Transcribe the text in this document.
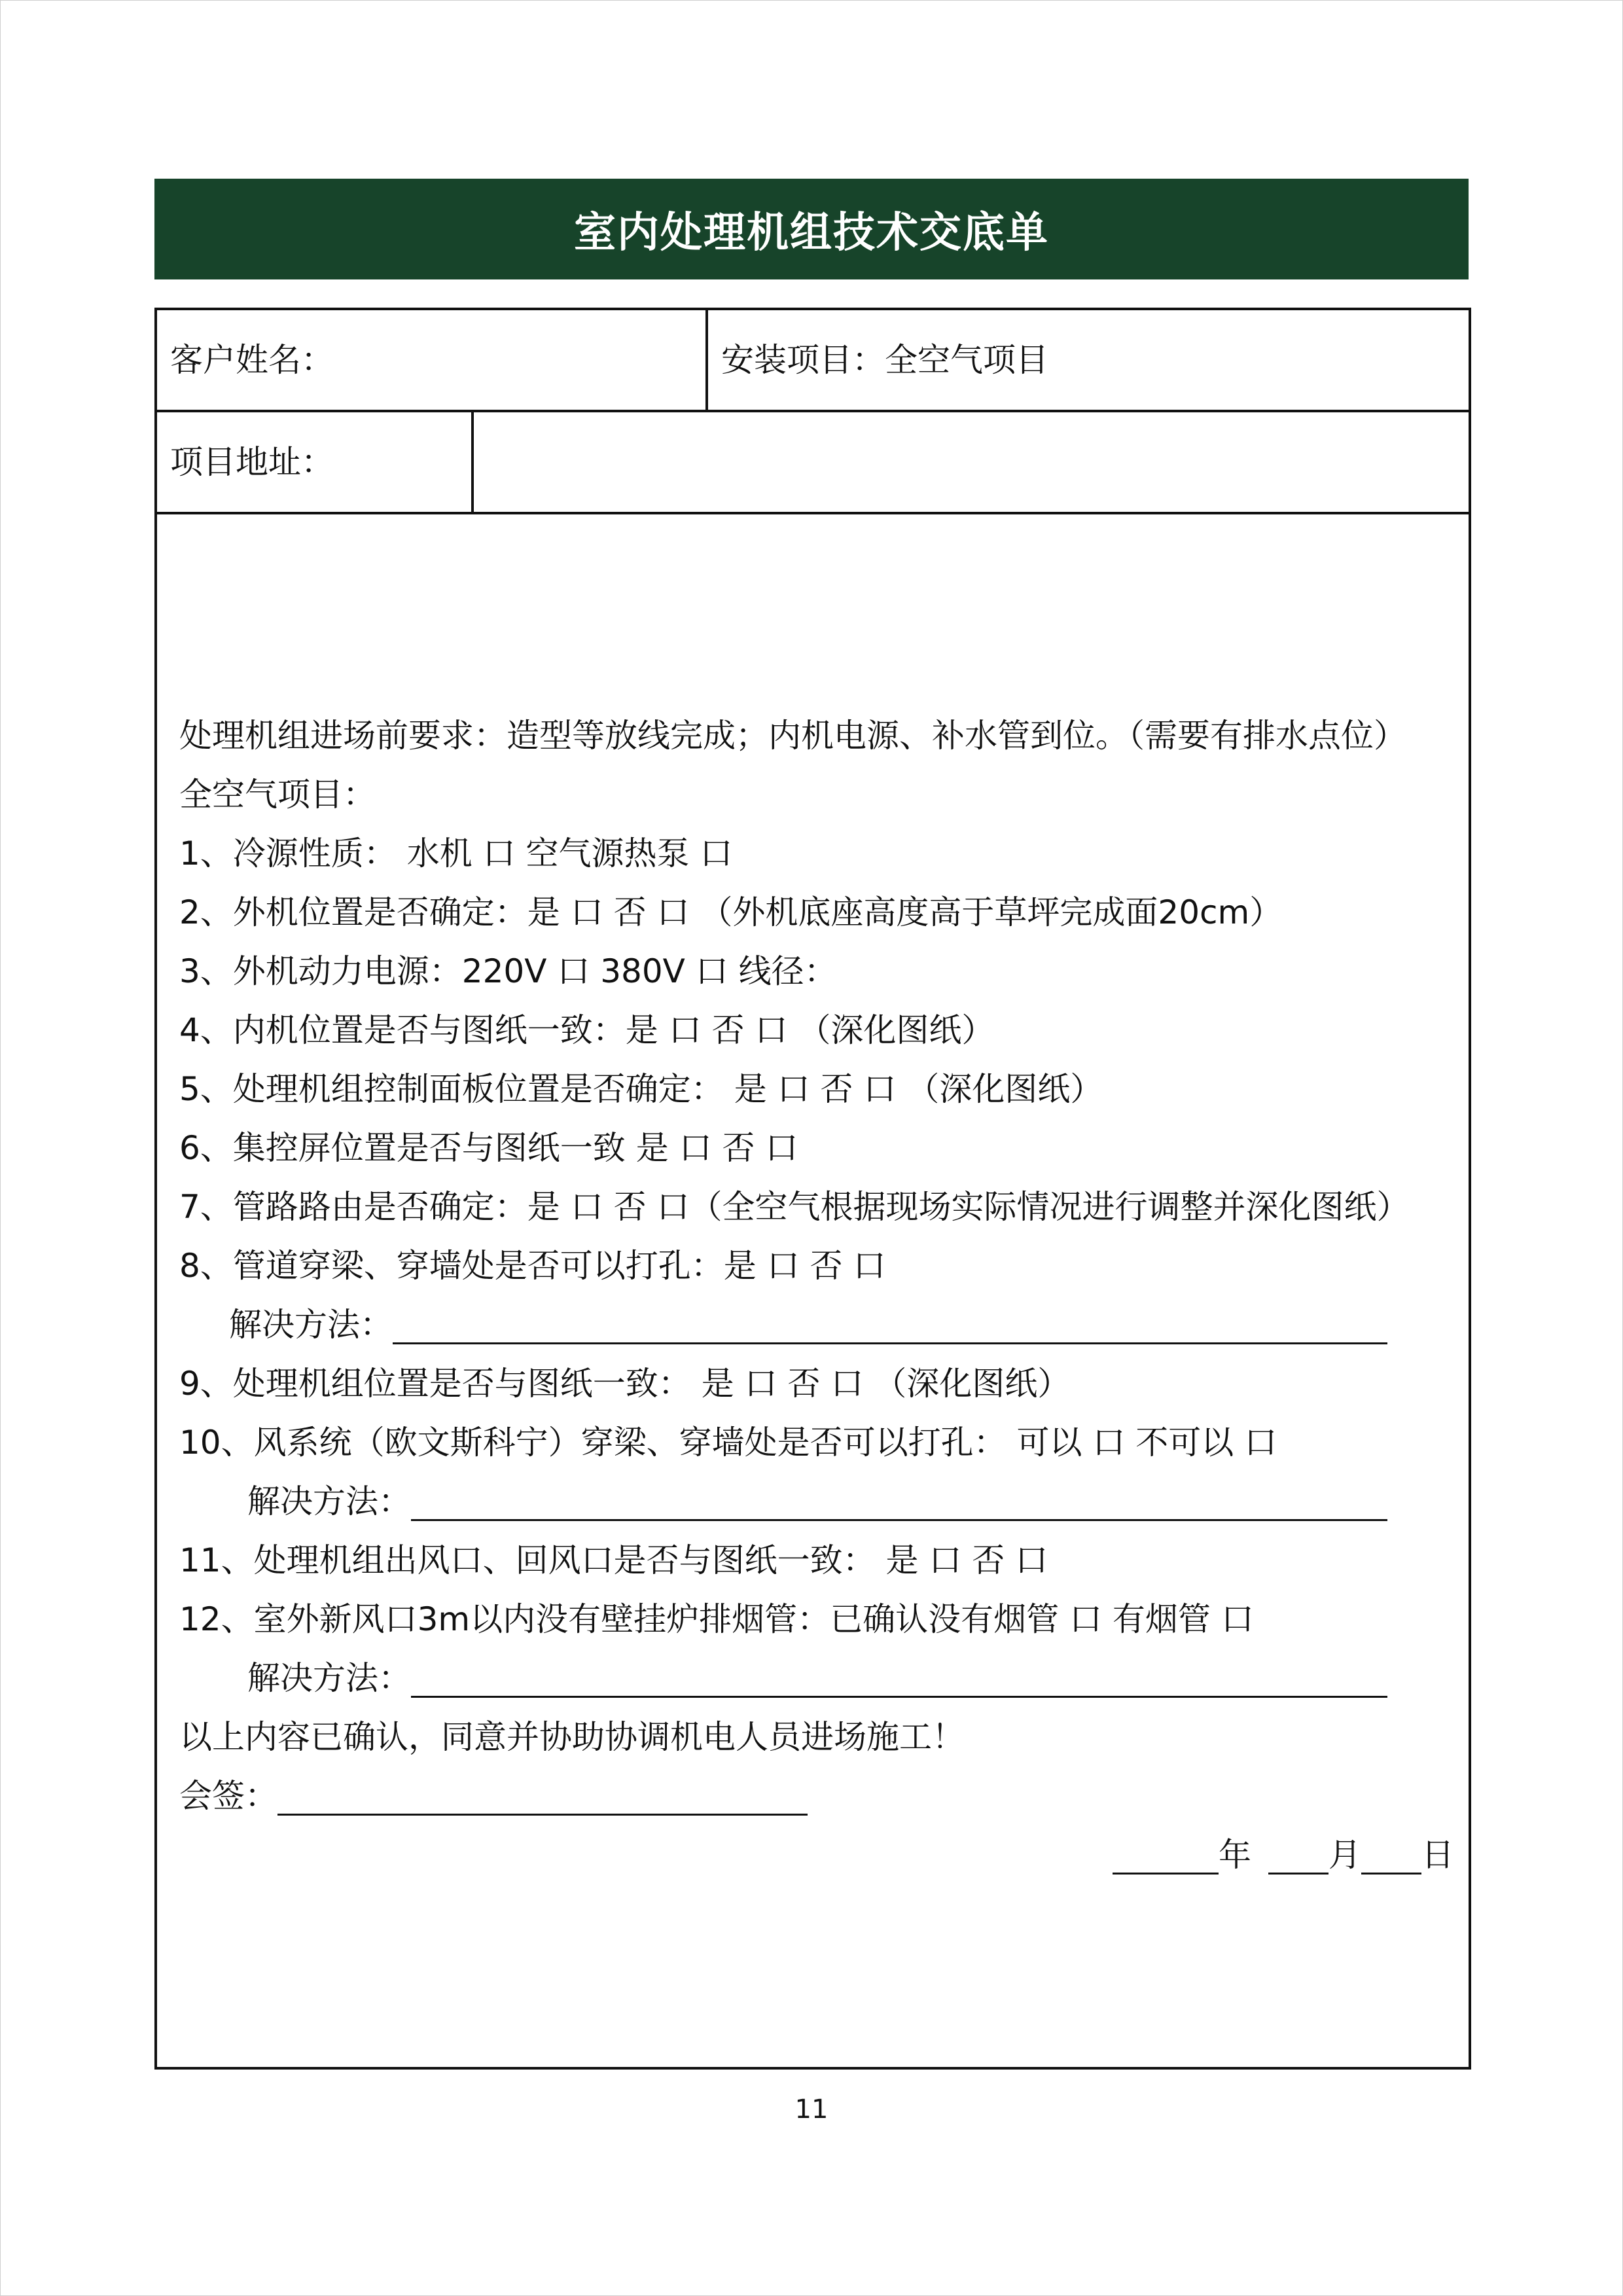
室内处理机组技术交底单
客户姓名：	安装项目：全空气项目
项目地址：
处理机组进场前要求：造型等放线完成；内机电源、补水管到位。（需要有排水点位）
全空气项目：
1、冷源性质： 水机 口 空气源热泵 口
2、外机位置是否确定：是 口 否 口 （外机底座高度高于草坪完成面20cm）
3、外机动力电源：220V 口 380V 口 线径：
4、内机位置是否与图纸一致：是 口 否 口 （深化图纸）
5、处理机组控制面板位置是否确定： 是 口 否 口 （深化图纸）
6、集控屏位置是否与图纸一致 是 口 否 口
7、管路路由是否确定：是 口 否 口（全空气根据现场实际情况进行调整并深化图纸）
8、管道穿梁、穿墙处是否可以打孔：是 口 否 口
解决方法：
9、处理机组位置是否与图纸一致： 是 口 否 口 （深化图纸）
10、风系统（欧文斯科宁）穿梁、穿墙处是否可以打孔： 可以 口 不可以 口
解决方法：
11、处理机组出风口、回风口是否与图纸一致： 是 口 否 口
12、室外新风口3m以内没有壁挂炉排烟管：已确认没有烟管 口 有烟管 口
解决方法：
以上内容已确认，同意并协助协调机电人员进场施工！
会签：
年 月 日
11
